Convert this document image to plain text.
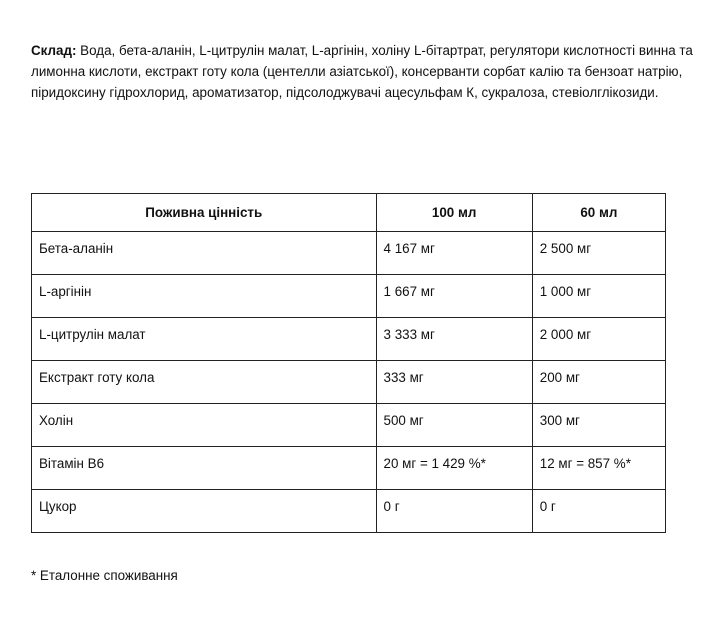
Склад: Вода, бета-аланін, L-цитрулін малат, L-аргінін, холіну L-бітартрат, регулятори кислотності винна та лимонна кислоти, екстракт готу кола (центелли азіатської), консерванти сорбат калію та бензоат натрію, піридоксину гідрохлорид, ароматизатор, підсолоджувачі ацесульфам К, сукралоза, стевіолглікозиди.

Поживна цінність	100 мл	60 мл
Бета-аланін	4 167 мг	2 500 мг
L-аргінін	1 667 мг	1 000 мг
L-цитрулін малат	3 333 мг	2 000 мг
Екстракт готу кола	333 мг	200 мг
Холін	500 мг	300 мг
Вітамін В6	20 мг = 1 429 %*	12 мг = 857 %*
Цукор	0 г	0 г

* Еталонне споживання
